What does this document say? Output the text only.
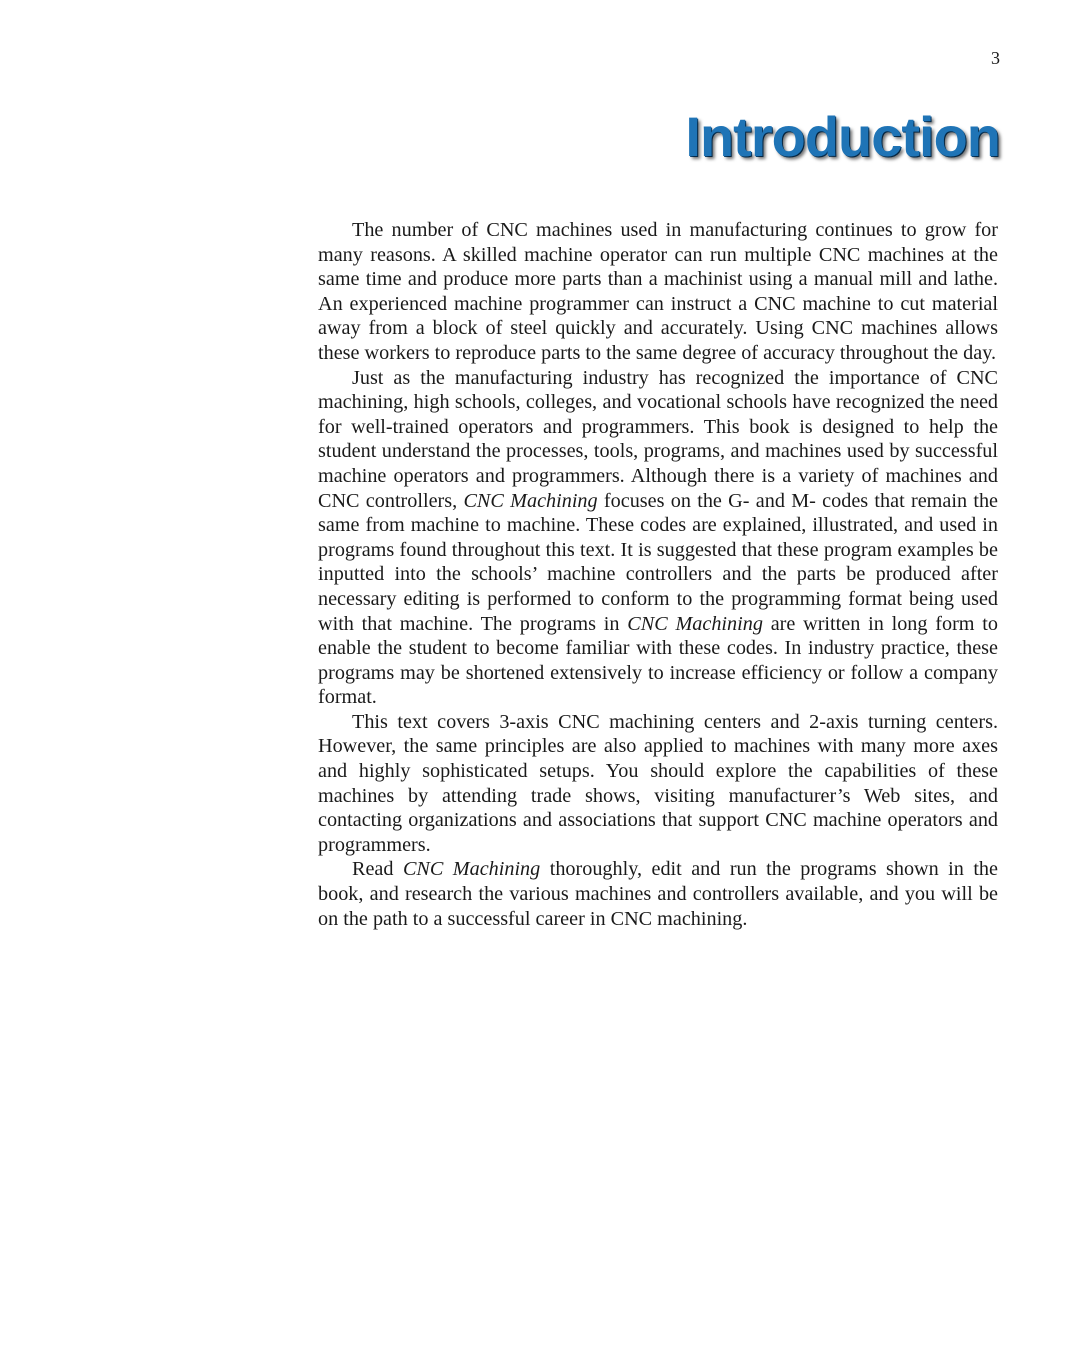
3
Introduction

The number of CNC machines used in manufacturing continues to grow for many reasons. A skilled machine operator can run multiple CNC machines at the same time and produce more parts than a machinist using a manual mill and lathe. An experienced machine programmer can instruct a CNC machine to cut material away from a block of steel quickly and accurately. Using CNC machines allows these workers to reproduce parts to the same degree of accuracy throughout the day.

Just as the manufacturing industry has recognized the importance of CNC machining, high schools, colleges, and vocational schools have recognized the need for well-trained operators and programmers. This book is designed to help the student understand the processes, tools, programs, and machines used by successful machine operators and programmers. Although there is a variety of machines and CNC controllers, CNC Machining focuses on the G- and M- codes that remain the same from machine to machine. These codes are explained, illustrated, and used in programs found throughout this text. It is suggested that these program examples be inputted into the schools’ machine controllers and the parts be produced after necessary editing is performed to conform to the programming format being used with that machine. The programs in CNC Machining are written in long form to enable the student to become familiar with these codes. In industry practice, these programs may be shortened extensively to increase efficiency or follow a company format.

This text covers 3-axis CNC machining centers and 2-axis turning centers. However, the same principles are also applied to machines with many more axes and highly sophisticated setups. You should explore the capabilities of these machines by attending trade shows, visiting manufacturer’s Web sites, and contacting organizations and associations that support CNC machine operators and programmers.

Read CNC Machining thoroughly, edit and run the programs shown in the book, and research the various machines and controllers available, and you will be on the path to a successful career in CNC machining.
